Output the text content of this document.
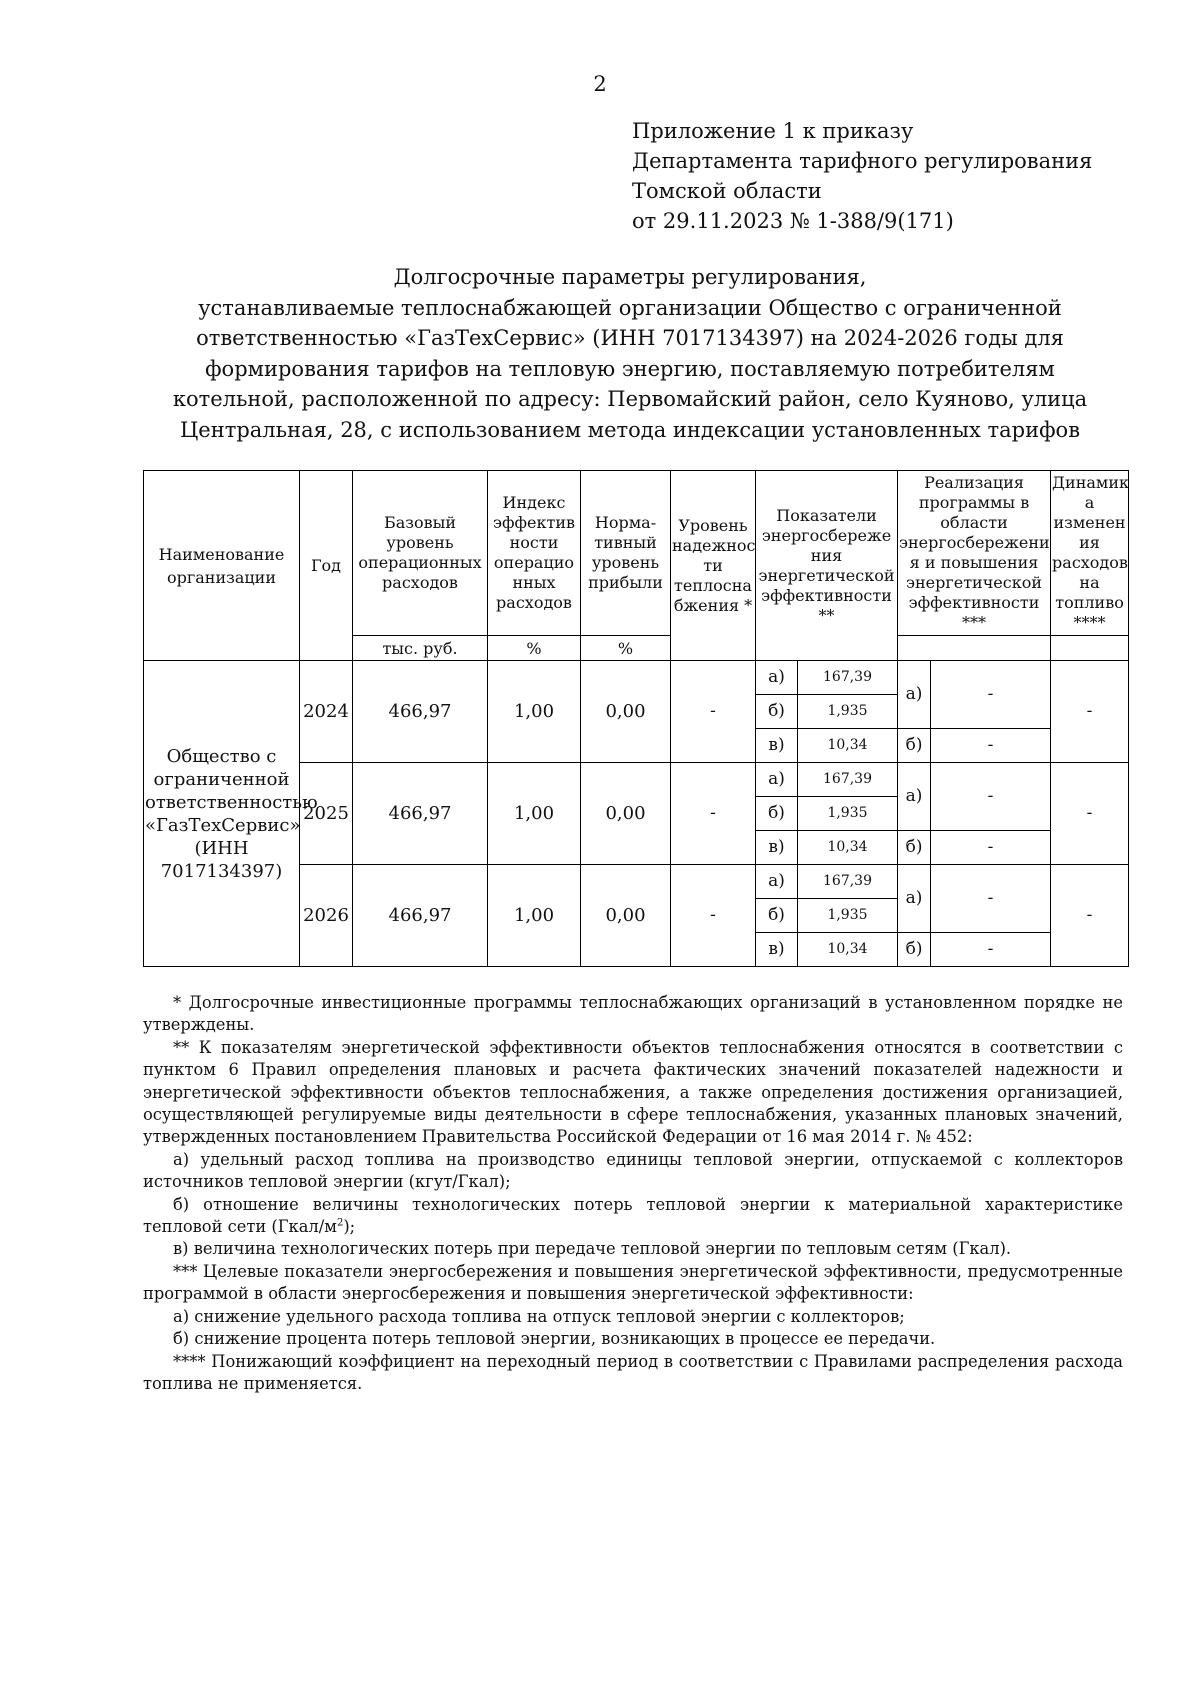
2
Приложение 1 к приказу
Департамента тарифного регулирования
Томской области
от 29.11.2023 № 1-388/9(171)
Долгосрочные параметры регулирования,
устанавливаемые теплоснабжающей организации Общество с ограниченной
ответственностью «ГазТехСервис» (ИНН 7017134397) на 2024-2026 годы для
формирования тарифов на тепловую энергию, поставляемую потребителям
котельной, расположенной по адресу: Первомайский район, село Куяново, улица
Центральная, 28, с использованием метода индексации установленных тарифов
Наименование организации	Год	Базовый уровень операционных расходов	Индекс эффектив ности операцио нных расходов	Норма-тивный уровень прибыли	Уровень надежнос ти теплосна бжения *	Показатели энергосбереже ния энергетической эффективности **		Реализация программы в области энергосбережени я и повышения энергетической эффективности ***		Динамик а изменен ия расходов на топливо ****
		тыс. руб.	%	%						
Общество с ограниченной ответственностью «ГазТехСервис» (ИНН 7017134397)	2024	466,97	1,00	0,00	-	а)	167,39	а)	-	-
						б)	1,935			
						в)	10,34	б)	-	
	2025	466,97	1,00	0,00	-	а)	167,39	а)	-	-
						б)	1,935			
						в)	10,34	б)	-	
	2026	466,97	1,00	0,00	-	а)	167,39	а)	-	-
						б)	1,935			
						в)	10,34	б)	-	

* Долгосрочные инвестиционные программы теплоснабжающих организаций в установленном порядке не утверждены.

** К показателям энергетической эффективности объектов теплоснабжения относятся в соответствии с пунктом 6 Правил определения плановых и расчета фактических значений показателей надежности и энергетической эффективности объектов теплоснабжения, а также определения достижения организацией, осуществляющей регулируемые виды деятельности в сфере теплоснабжения, указанных плановых значений, утвержденных постановлением Правительства Российской Федерации от 16 мая 2014 г. № 452:

а) удельный расход топлива на производство единицы тепловой энергии, отпускаемой с коллекторов источников тепловой энергии (кгут/Гкал);

б) отношение величины технологических потерь тепловой энергии к материальной характеристике тепловой сети $(Гкал/м^2)$;

в) величина технологических потерь при передаче тепловой энергии по тепловым сетям (Гкал).

*** Целевые показатели энергосбережения и повышения энергетической эффективности, предусмотренные программой в области энергосбережения и повышения энергетической эффективности:

а) снижение удельного расхода топлива на отпуск тепловой энергии с коллекторов;

б) снижение процента потерь тепловой энергии, возникающих в процессе ее передачи.

**** Понижающий коэффициент на переходный период в соответствии с Правилами распределения расхода топлива не применяется.
